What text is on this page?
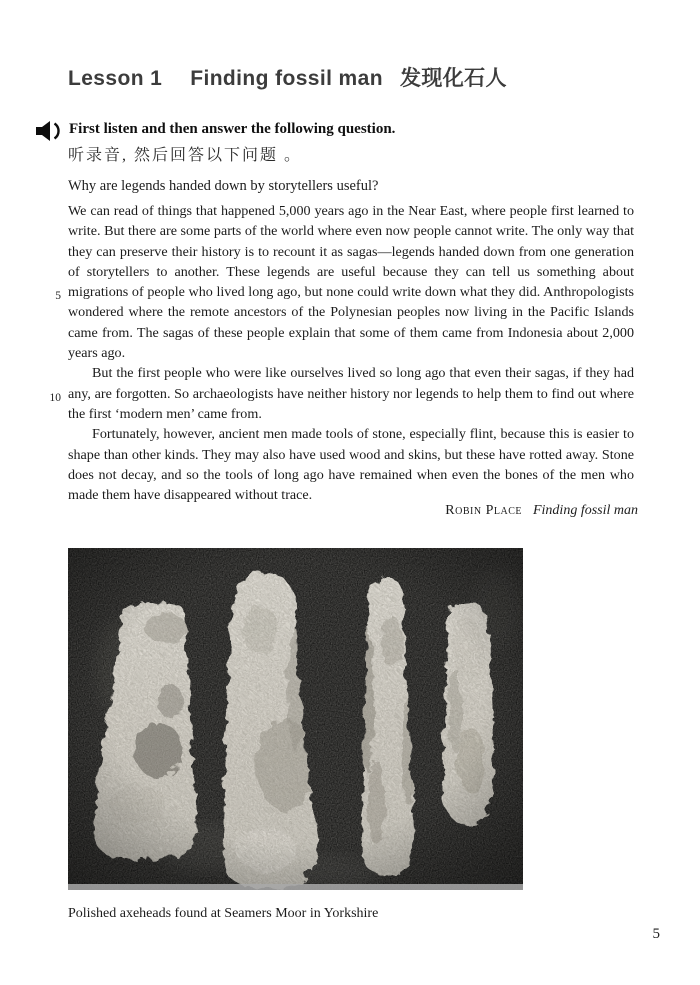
Lesson 1 Finding fossil man 发现化石人
First listen and then answer the following question.
听录音, 然后回答以下问题 。
Why are legends handed down by storytellers useful?
5
10

We can read of things that happened 5,000 years ago in the Near East, where people first learned to write. But there are some parts of the world where even now people cannot write. The only way that they can preserve their history is to recount it as sagas—legends handed down from one generation of storytellers to another. These legends are useful because they can tell us something about migrations of people who lived long ago, but none could write down what they did. Anthropologists wondered where the remote ancestors of the Polynesian peoples now living in the Pacific Islands came from. The sagas of these people explain that some of them came from Indonesia about 2,000 years ago.

But the first people who were like ourselves lived so long ago that even their sagas, if they had any, are forgotten. So archaeologists have neither history nor legends to help them to find out where the first ‘modern men’ came from.

Fortunately, however, ancient men made tools of stone, especially flint, because this is easier to shape than other kinds. They may also have used wood and skins, but these have rotted away. Stone does not decay, and so the tools of long ago have remained when even the bones of the men who made them have disappeared without trace.

Robin Place Finding fossil man
Polished axeheads found at Seamers Moor in Yorkshire
5
